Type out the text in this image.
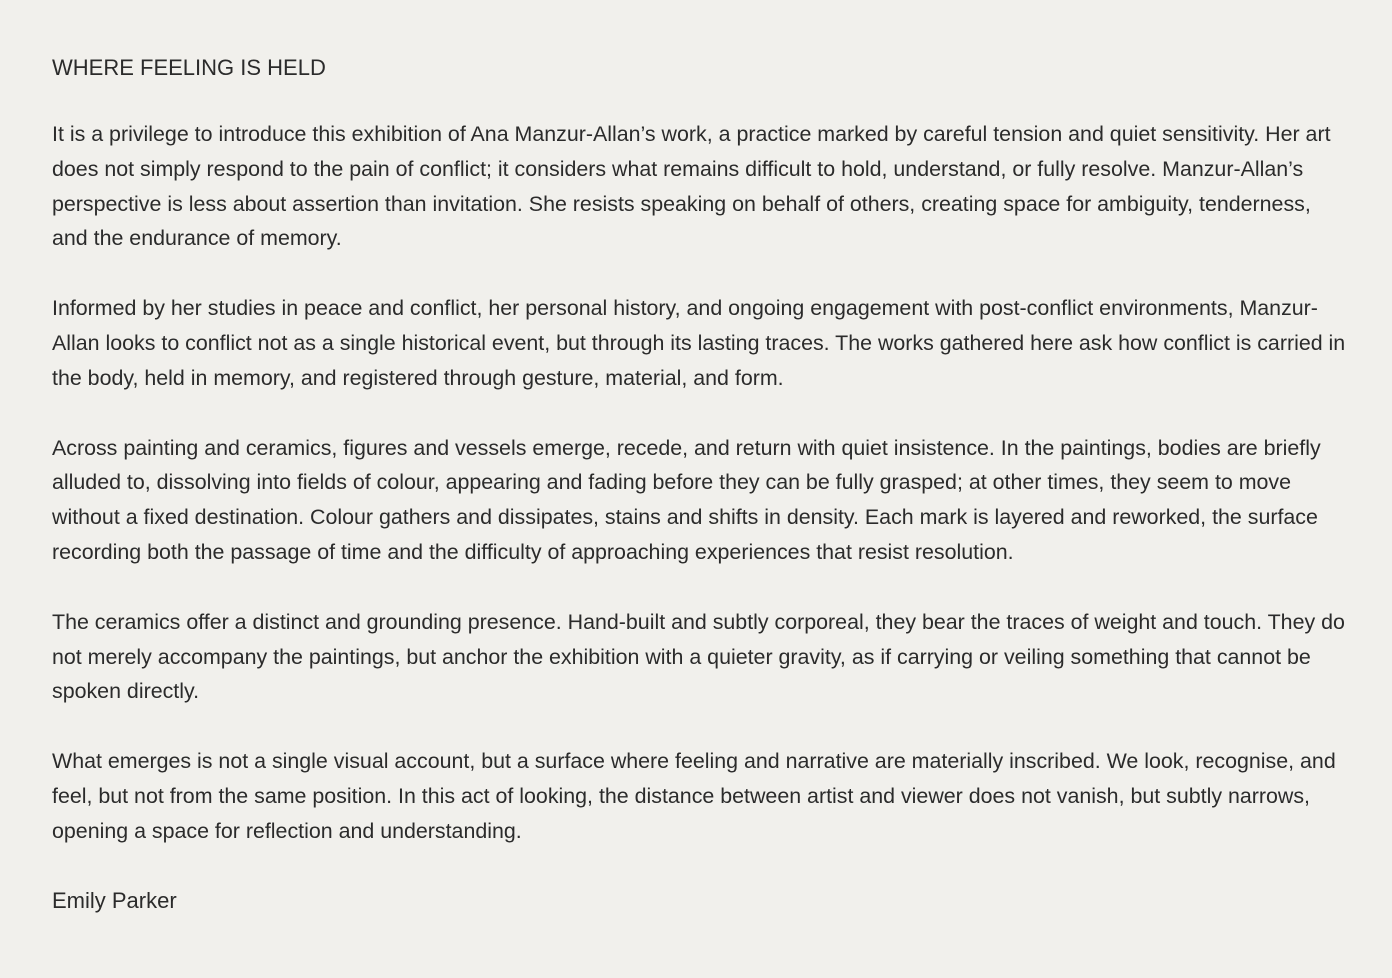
WHERE FEELING IS HELD

It is a privilege to introduce this exhibition of Ana Manzur-Allan’s work, a practice marked by careful tension and quiet sensitivity. Her art does not simply respond to the pain of conflict; it considers what remains difficult to hold, understand, or fully resolve. Manzur-Allan’s perspective is less about assertion than invitation. She resists speaking on behalf of others, creating space for ambiguity, tenderness, and the endurance of memory.

Informed by her studies in peace and conflict, her personal history, and ongoing engagement with post-conflict environments, Manzur-Allan looks to conflict not as a single historical event, but through its lasting traces. The works gathered here ask how conflict is carried in the body, held in memory, and registered through gesture, material, and form.

Across painting and ceramics, figures and vessels emerge, recede, and return with quiet insistence. In the paintings, bodies are briefly alluded to, dissolving into fields of colour, appearing and fading before they can be fully grasped; at other times, they seem to move without a fixed destination. Colour gathers and dissipates, stains and shifts in density. Each mark is layered and reworked, the surface recording both the passage of time and the difficulty of approaching experiences that resist resolution.

The ceramics offer a distinct and grounding presence. Hand-built and subtly corporeal, they bear the traces of weight and touch. They do not merely accompany the paintings, but anchor the exhibition with a quieter gravity, as if carrying or veiling something that cannot be spoken directly.

What emerges is not a single visual account, but a surface where feeling and narrative are materially inscribed. We look, recognise, and feel, but not from the same position. In this act of looking, the distance between artist and viewer does not vanish, but subtly narrows, opening a space for reflection and understanding.

Emily Parker
